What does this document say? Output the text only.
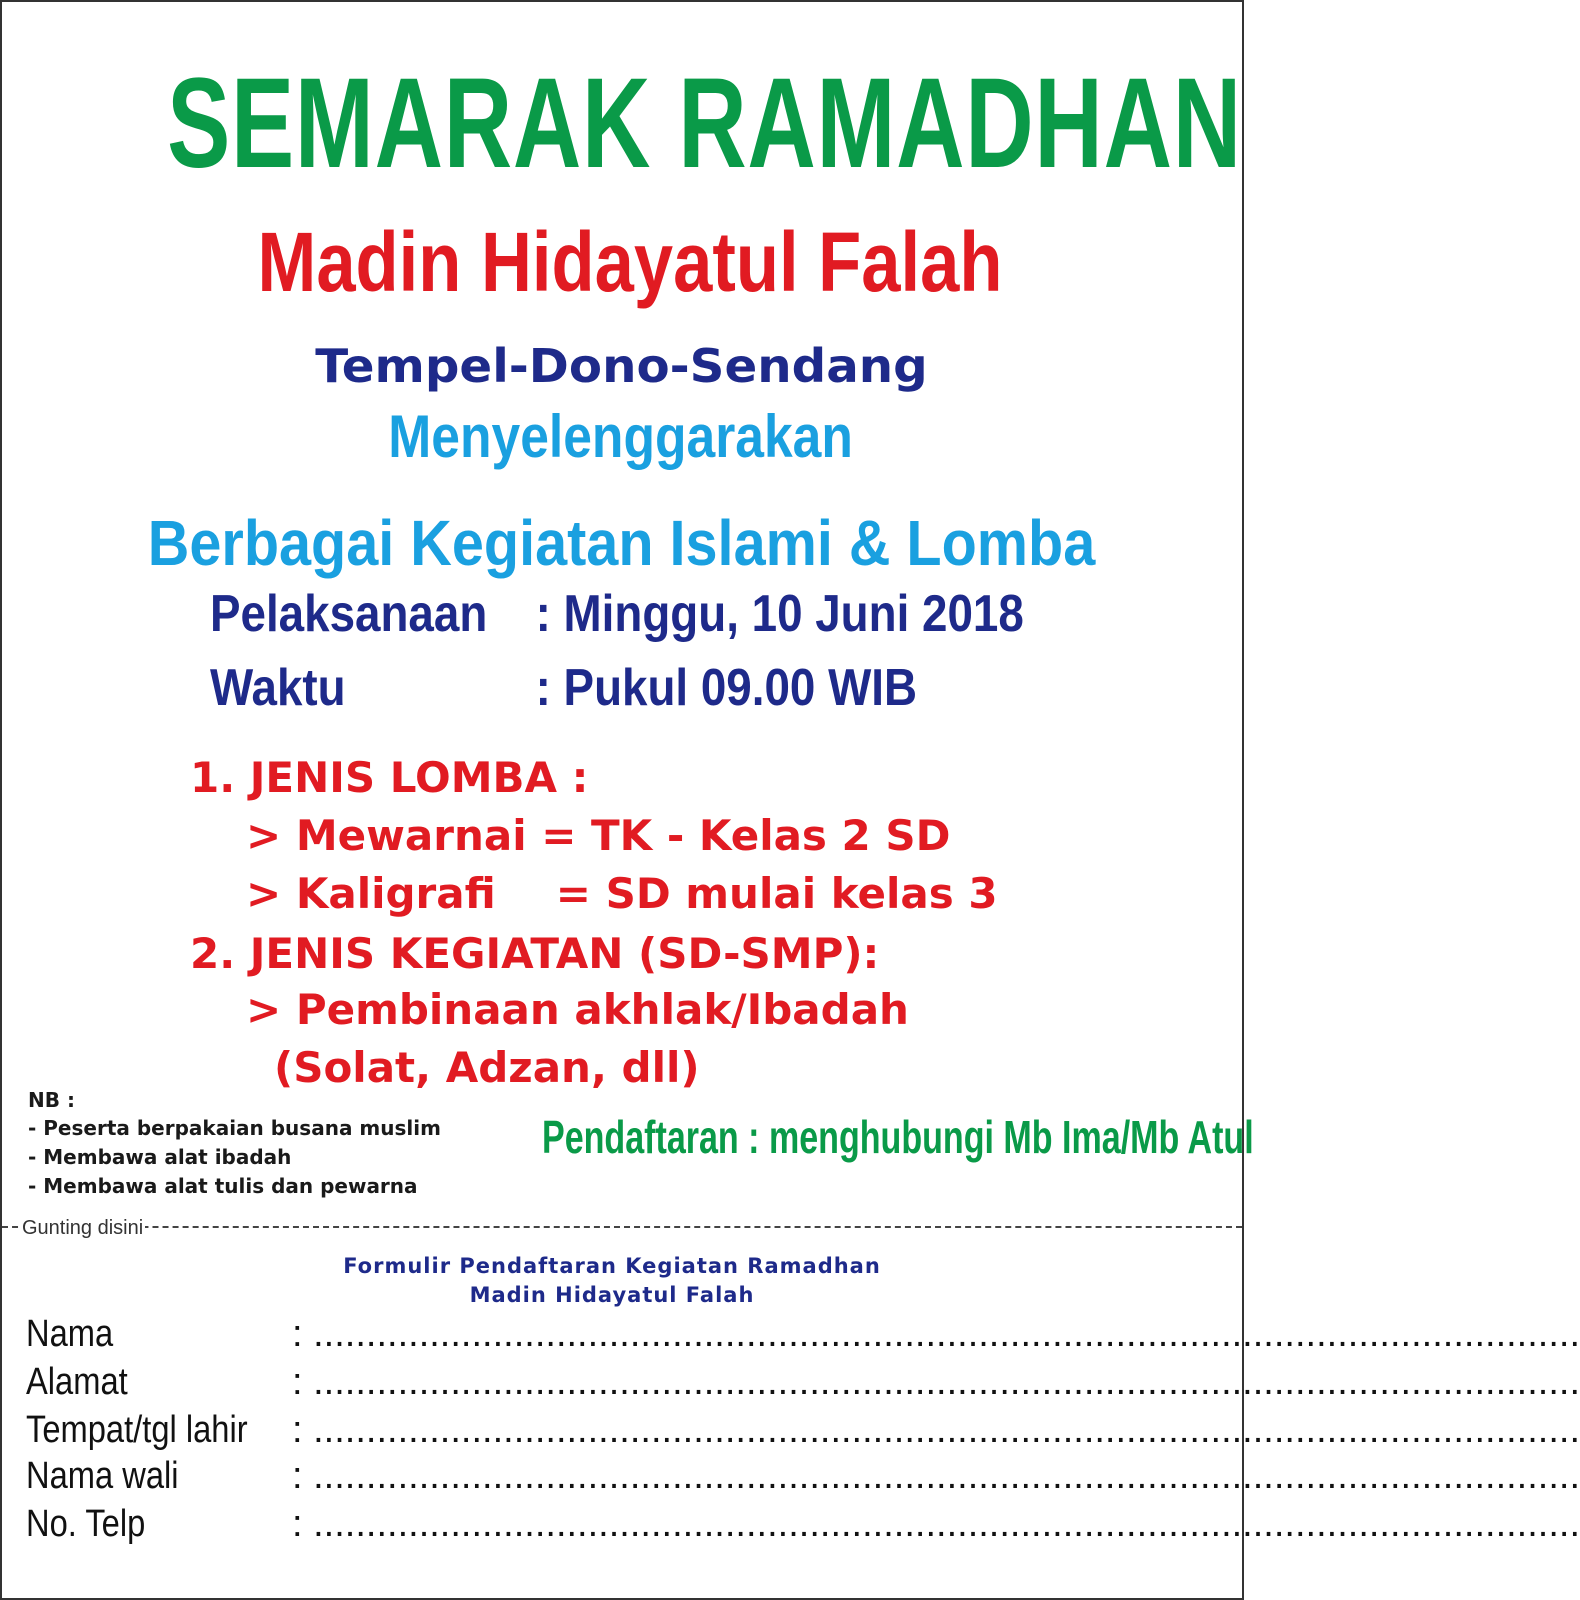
SEMARAK RAMADHAN
Madin Hidayatul Falah
Tempel-Dono-Sendang
Menyelenggarakan
Berbagai Kegiatan Islami & Lomba
Pelaksanaan : Minggu, 10 Juni 2018
Waktu	: Pukul 09.00 WIB
1. JENIS LOMBA :
> Mewarnai = TK - Kelas 2 SD
> Kaligrafi = SD mulai kelas 3
2. JENIS KEGIATAN (SD-SMP):
> Pembinaan akhlak/Ibadah
(Solat, Adzan, dll)
NB :
- Peserta berpakaian busana muslim
- Membawa alat ibadah
- Membawa alat tulis dan pewarna
Pendaftaran : menghubungi Mb Ima/Mb Atul
Gunting disini
Formulir Pendaftaran Kegiatan Ramadhan
Madin Hidayatul Falah
Nama	: ........................................................................................................................
Alamat	: ........................................................................................................................
Tempat/tgl lahir : ........................................................................................................................
Nama wali	: ........................................................................................................................
No. Telp	: ........................................................................................................................
